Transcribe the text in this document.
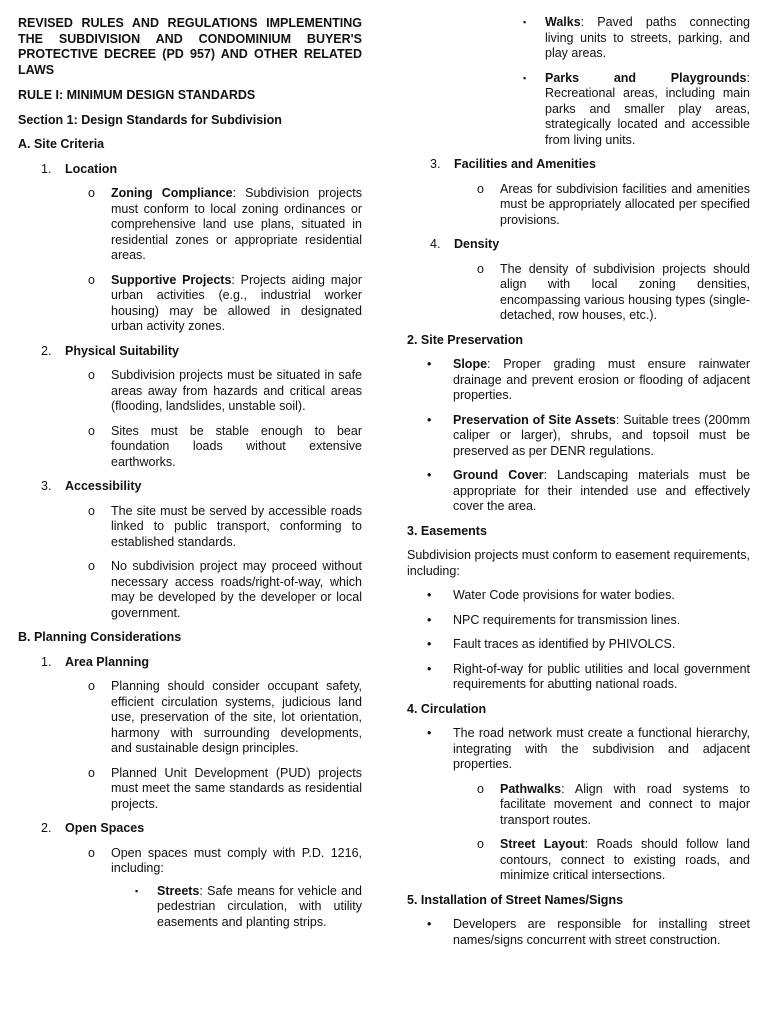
REVISED RULES AND REGULATIONS IMPLEMENTING THE SUBDIVISION AND CONDOMINIUM BUYER'S PROTECTIVE DECREE (PD 957) AND OTHER RELATED LAWS
RULE I: MINIMUM DESIGN STANDARDS
Section 1: Design Standards for Subdivision
A. Site Criteria
1.	Location
o	Zoning Compliance: Subdivision projects must conform to local zoning ordinances or comprehensive land use plans, situated in residential zones or appropriate residential areas.
o	Supportive Projects: Projects aiding major urban activities (e.g., industrial worker housing) may be allowed in designated urban activity zones.
2.	Physical Suitability
o	Subdivision projects must be situated in safe areas away from hazards and critical areas (flooding, landslides, unstable soil).
o	Sites must be stable enough to bear foundation loads without extensive earthworks.
3.	Accessibility
o	The site must be served by accessible roads linked to public transport, conforming to established standards.
o	No subdivision project may proceed without necessary access roads/right-of-way, which may be developed by the developer or local government.
B. Planning Considerations
1.	Area Planning
o	Planning should consider occupant safety, efficient circulation systems, judicious land use, preservation of the site, lot orientation, harmony with surrounding developments, and sustainable design principles.
o	Planned Unit Development (PUD) projects must meet the same standards as residential projects.
2.	Open Spaces
o	Open spaces must comply with P.D. 1216, including:
▪	Streets: Safe means for vehicle and pedestrian circulation, with utility easements and planting strips.
▪	Walks: Paved paths connecting living units to streets, parking, and play areas.
▪	Parks and Playgrounds: Recreational areas, including main parks and smaller play areas, strategically located and accessible from living units.
3.	Facilities and Amenities
o	Areas for subdivision facilities and amenities must be appropriately allocated per specified provisions.
4.	Density
o	The density of subdivision projects should align with local zoning densities, encompassing various housing types (single-detached, row houses, etc.).
2. Site Preservation
•	Slope: Proper grading must ensure rainwater drainage and prevent erosion or flooding of adjacent properties.
•	Preservation of Site Assets: Suitable trees (200mm caliper or larger), shrubs, and topsoil must be preserved as per DENR regulations.
•	Ground Cover: Landscaping materials must be appropriate for their intended use and effectively cover the area.
3. Easements
Subdivision projects must conform to easement requirements, including:
•	Water Code provisions for water bodies.
•	NPC requirements for transmission lines.
•	Fault traces as identified by PHIVOLCS.
•	Right-of-way for public utilities and local government requirements for abutting national roads.
4. Circulation
•	The road network must create a functional hierarchy, integrating with the subdivision and adjacent properties.
o	Pathwalks: Align with road systems to facilitate movement and connect to major transport routes.
o	Street Layout: Roads should follow land contours, connect to existing roads, and minimize critical intersections.
5. Installation of Street Names/Signs
•	Developers are responsible for installing street names/signs concurrent with street construction.
